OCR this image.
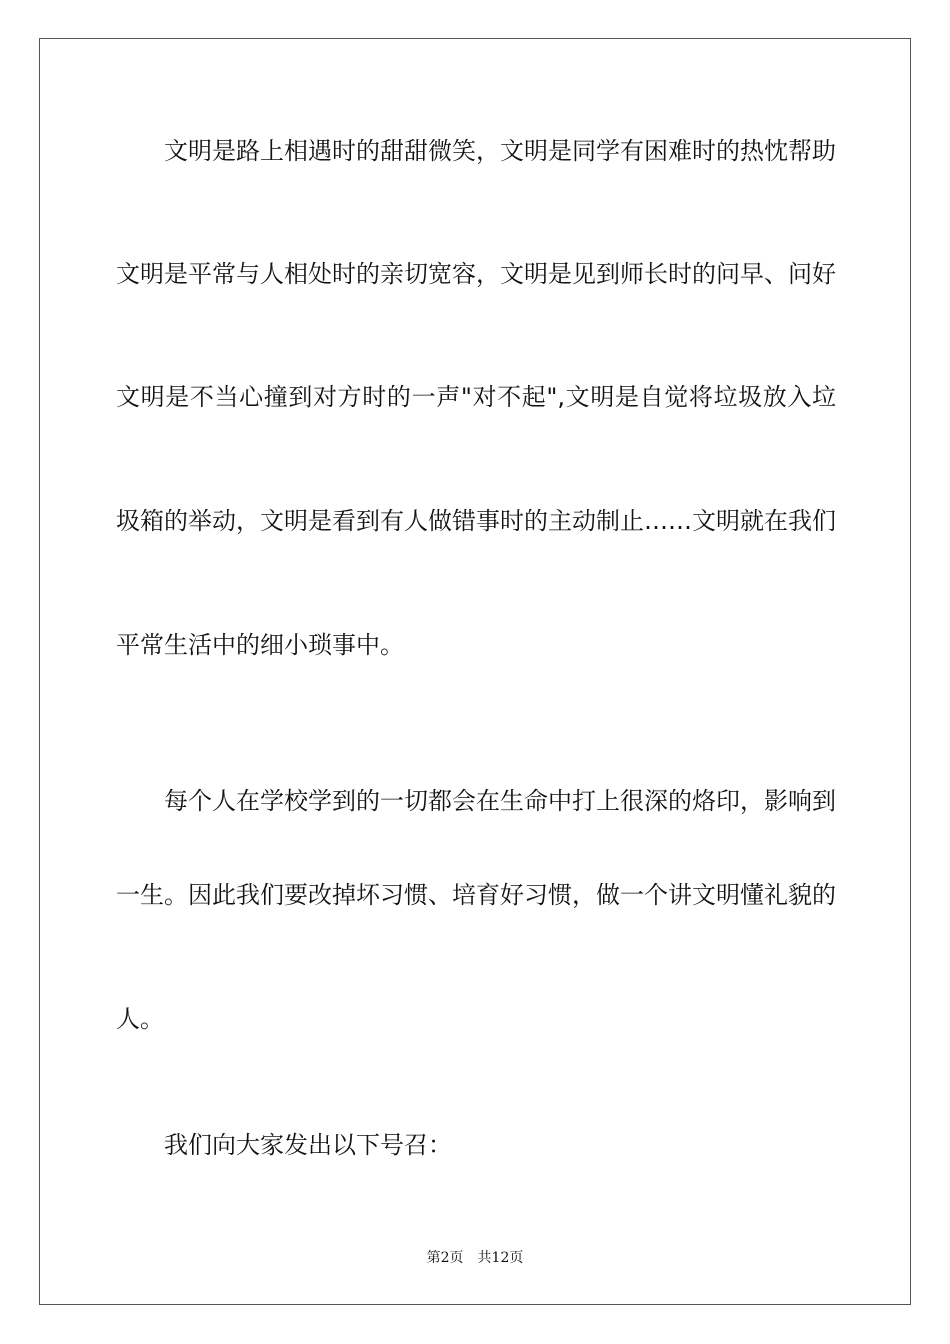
文明是路上相遇时的甜甜微笑，文明是同学有困难时的热忱帮助
文明是平常与人相处时的亲切宽容，文明是见到师长时的问早、问好
文明是不当心撞到对方时的一声"对不起",文明是自觉将垃圾放入垃
圾箱的举动，文明是看到有人做错事时的主动制止……文明就在我们
平常生活中的细小琐事中。
每个人在学校学到的一切都会在生命中打上很深的烙印，影响到
一生。因此我们要改掉坏习惯、培育好习惯，做一个讲文明懂礼貌的
人。
我们向大家发出以下号召：
第2页 共12页
